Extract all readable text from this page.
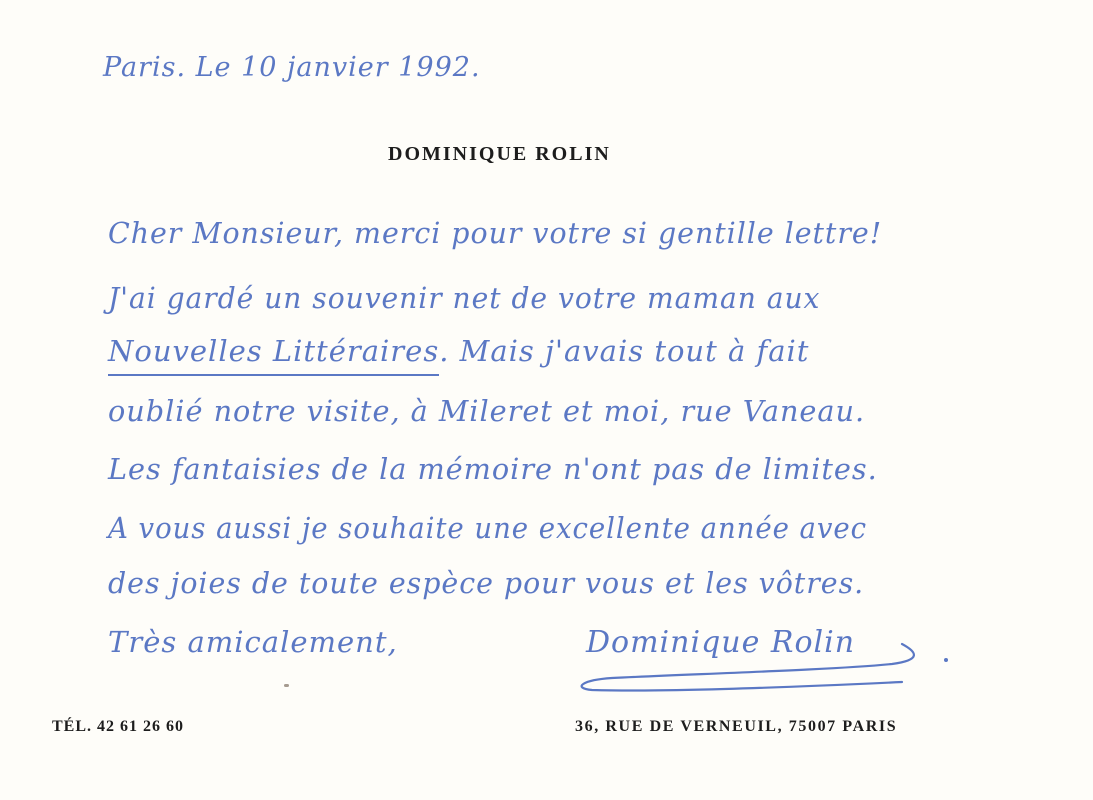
Paris. Le 10 janvier 1992.
DOMINIQUE ROLIN
Cher Monsieur, merci pour votre si gentille lettre!
J'ai gardé un souvenir net de votre maman aux
Nouvelles Littéraires. Mais j'avais tout à fait
oublié notre visite, à Mileret et moi, rue Vaneau.
Les fantaisies de la mémoire n'ont pas de limites.
A vous aussi je souhaite une excellente année avec
des joies de toute espèce pour vous et les vôtres.
Très amicalement,	Dominique Rolin
TÉL. 42 61 26 60	36, RUE DE VERNEUIL, 75007 PARIS
